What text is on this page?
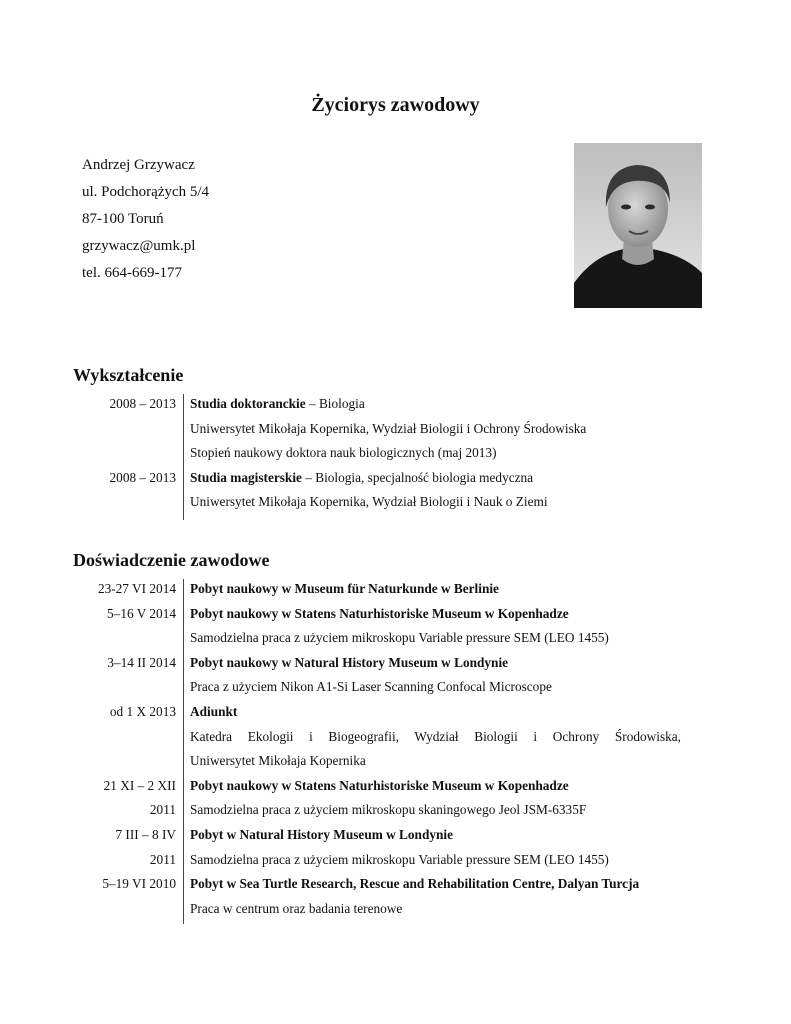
Życiorys zawodowy
Andrzej Grzywacz
ul. Podchorążych 5/4
87-100 Toruń
grzywacz@umk.pl
tel. 664-669-177
Wykształcenie
2008 – 2013 Studia doktoranckie – Biologia
Uniwersytet Mikołaja Kopernika, Wydział Biologii i Ochrony Środowiska
Stopień naukowy doktora nauk biologicznych (maj 2013)
2008 – 2013 Studia magisterskie – Biologia, specjalność biologia medyczna
Uniwersytet Mikołaja Kopernika, Wydział Biologii i Nauk o Ziemi
Doświadczenie zawodowe
23-27 VI 2014 Pobyt naukowy w Museum für Naturkunde w Berlinie
5–16 V 2014 Pobyt naukowy w Statens Naturhistoriske Museum w Kopenhadze
Samodzielna praca z użyciem mikroskopu Variable pressure SEM (LEO 1455)
3–14 II 2014 Pobyt naukowy w Natural History Museum w Londynie
Praca z użyciem Nikon A1-Si Laser Scanning Confocal Microscope
od 1 X 2013 Adiunkt
Katedra Ekologii i Biogeografii, Wydział Biologii i Ochrony Środowiska,
Uniwersytet Mikołaja Kopernika
21 XI – 2 XII Pobyt naukowy w Statens Naturhistoriske Museum w Kopenhadze
2011 Samodzielna praca z użyciem mikroskopu skaningowego Jeol JSM-6335F
7 III – 8 IV Pobyt w Natural History Museum w Londynie
2011 Samodzielna praca z użyciem mikroskopu Variable pressure SEM (LEO 1455)
5–19 VI 2010 Pobyt w Sea Turtle Research, Rescue and Rehabilitation Centre, Dalyan Turcja
Praca w centrum oraz badania terenowe
